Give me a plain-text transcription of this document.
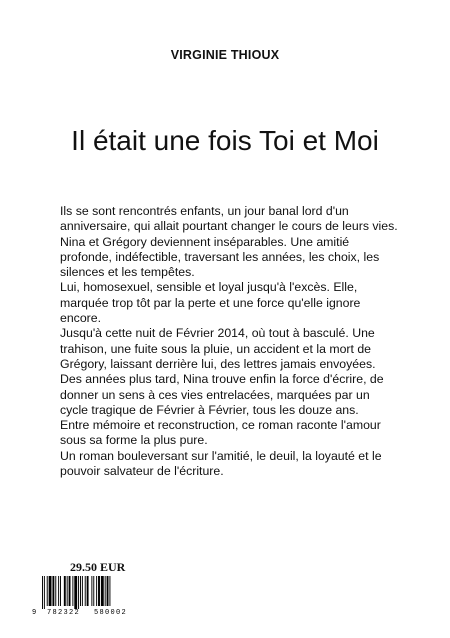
VIRGINIE THIOUX
Il était une fois Toi et Moi

Ils se sont rencontrés enfants, un jour banal lord d'un anniversaire, qui allait pourtant changer le cours de leurs vies. Nina et Grégory deviennent inséparables. Une amitié profonde, indéfectible, traversant les années, les choix, les silences et les tempêtes.

Lui, homosexuel, sensible et loyal jusqu'à l'excès. Elle, marquée trop tôt par la perte et une force qu'elle ignore encore.

Jusqu'à cette nuit de Février 2014, où tout à basculé. Une trahison, une fuite sous la pluie, un accident et la mort de Grégory, laissant derrière lui, des lettres jamais envoyées.

Des années plus tard, Nina trouve enfin la force d'écrire, de donner un sens à ces vies entrelacées, marquées par un cycle tragique de Février à Février, tous les douze ans.

Entre mémoire et reconstruction, ce roman raconte l'amour sous sa forme la plus pure.

Un roman bouleversant sur l'amitié, le deuil, la loyauté et le pouvoir salvateur de l'écriture.

29.50 EUR
9 782322 580002
